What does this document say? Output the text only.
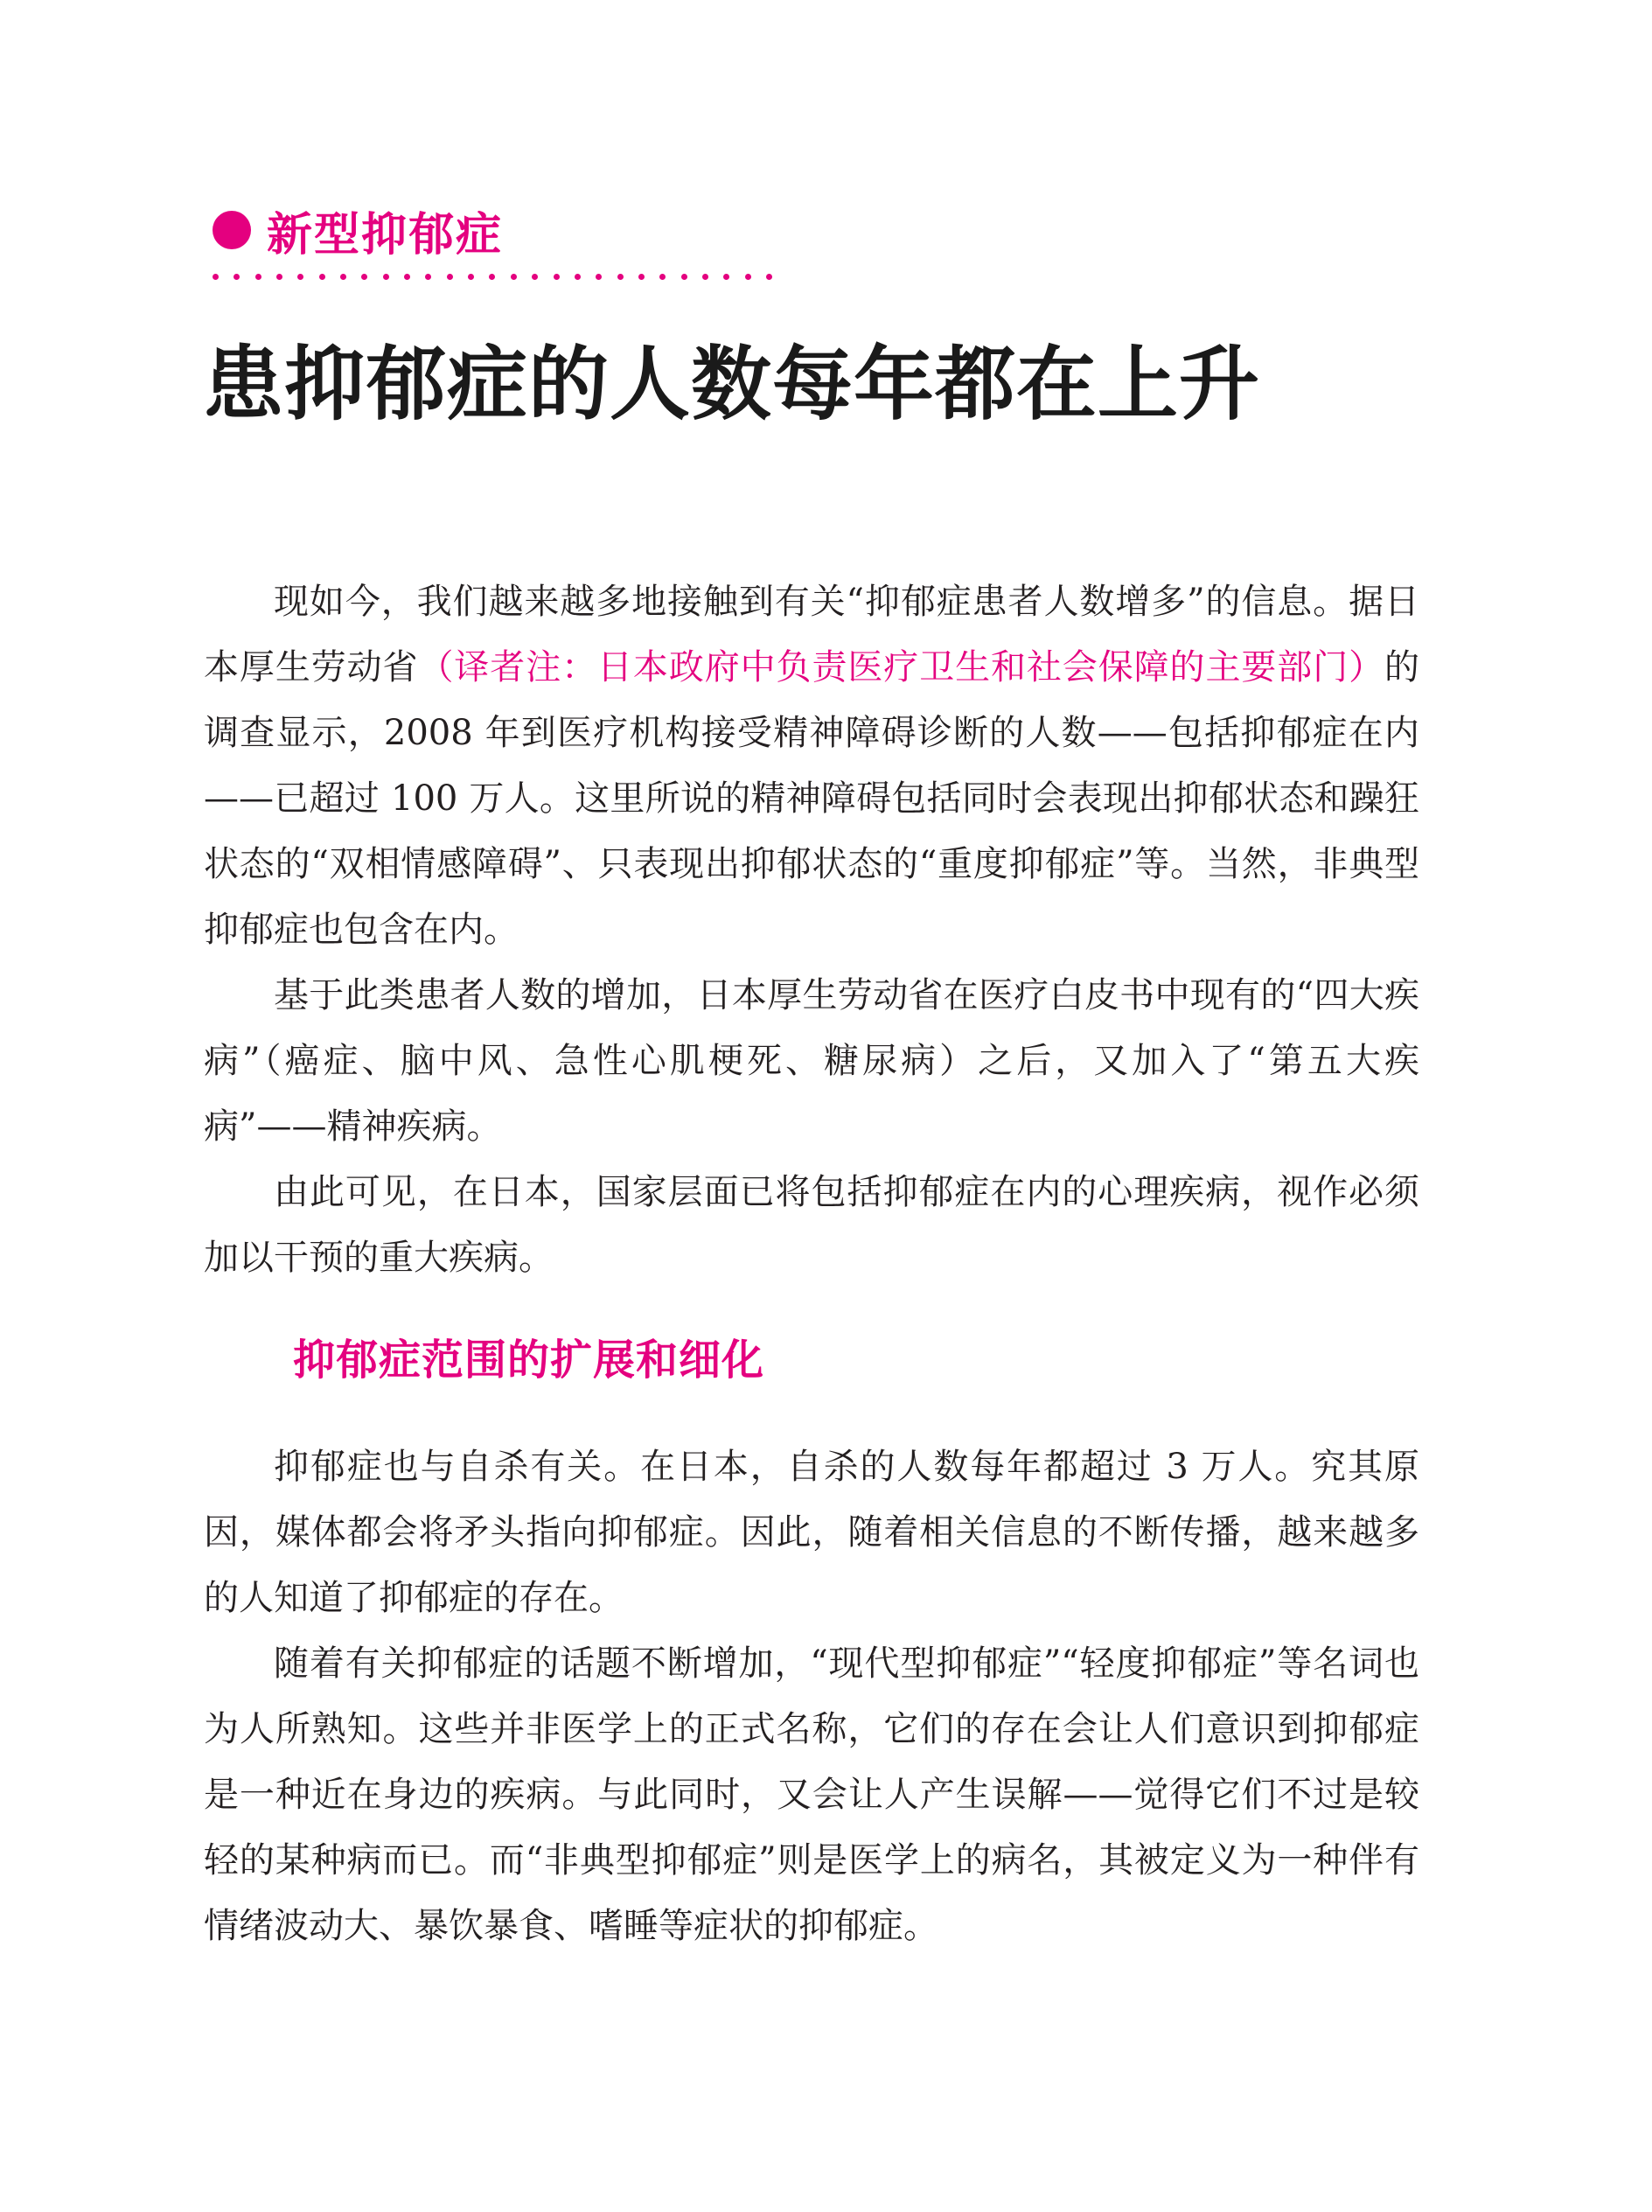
新型抑郁症
患抑郁症的人数每年都在上升

现如今，我们越来越多地接触到有关“抑郁症患者人数增多”的信息。据日本厚生劳动省（译者注：日本政府中负责医疗卫生和社会保障的主要部门）的调查显示，2008 年到医疗机构接受精神障碍诊断的人数——包括抑郁症在内——已超过 100 万人。这里所说的精神障碍包括同时会表现出抑郁状态和躁狂状态的“双相情感障碍”、只表现出抑郁状态的“重度抑郁症”等。当然，非典型抑郁症也包含在内。

基于此类患者人数的增加，日本厚生劳动省在医疗白皮书中现有的“四大疾病”（癌症、脑中风、急性心肌梗死、糖尿病）之后，又加入了“第五大疾病”——精神疾病。

由此可见，在日本，国家层面已将包括抑郁症在内的心理疾病，视作必须加以干预的重大疾病。

抑郁症范围的扩展和细化

抑郁症也与自杀有关。在日本，自杀的人数每年都超过 3 万人。究其原因，媒体都会将矛头指向抑郁症。因此，随着相关信息的不断传播，越来越多的人知道了抑郁症的存在。

随着有关抑郁症的话题不断增加，“现代型抑郁症”“轻度抑郁症”等名词也为人所熟知。这些并非医学上的正式名称，它们的存在会让人们意识到抑郁症是一种近在身边的疾病。与此同时，又会让人产生误解——觉得它们不过是较轻的某种病而已。而“非典型抑郁症”则是医学上的病名，其被定义为一种伴有情绪波动大、暴饮暴食、嗜睡等症状的抑郁症。
